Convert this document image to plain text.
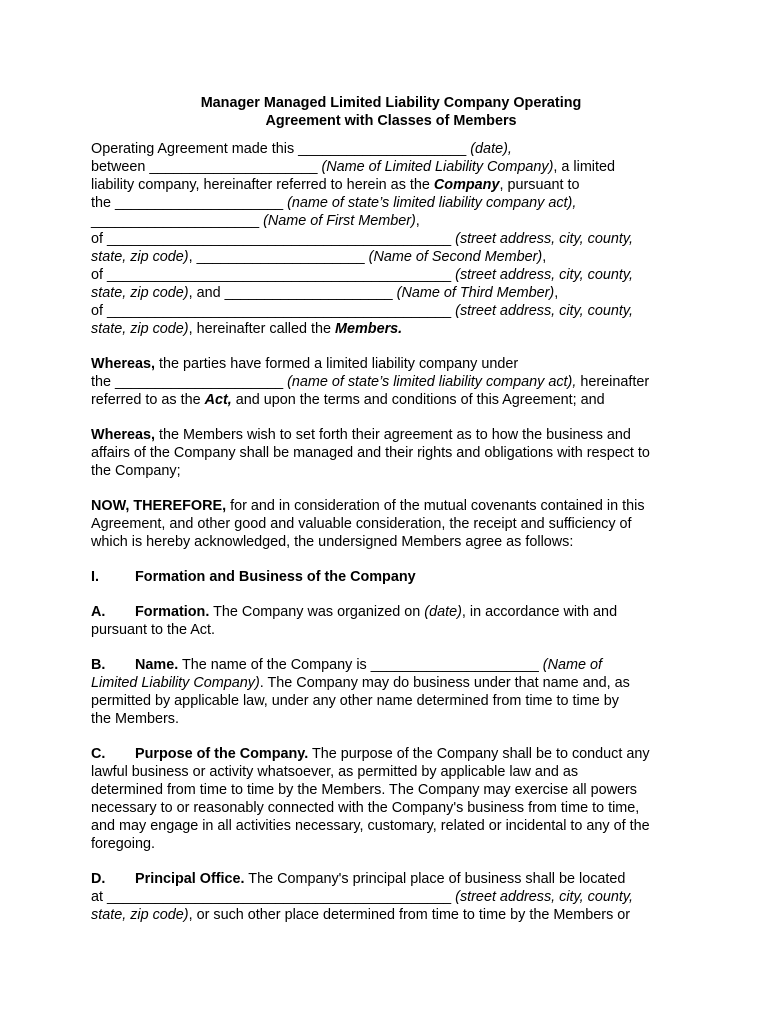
Manager Managed Limited Liability Company Operating
Agreement with Classes of Members

Operating Agreement made this _____________________ (date),
between _____________________ (Name of Limited Liability Company), a limited
liability company, hereinafter referred to herein as the Company, pursuant to
the _____________________ (name of state’s limited liability company act),
_____________________ (Name of First Member),
of ___________________________________________ (street address, city, county,
state, zip code), _____________________ (Name of Second Member),
of ___________________________________________ (street address, city, county,
state, zip code), and _____________________ (Name of Third Member),
of ___________________________________________ (street address, city, county,
state, zip code), hereinafter called the Members.

Whereas, the parties have formed a limited liability company under
the _____________________ (name of state’s limited liability company act), hereinafter
referred to as the Act, and upon the terms and conditions of this Agreement; and

Whereas, the Members wish to set forth their agreement as to how the business and
affairs of the Company shall be managed and their rights and obligations with respect to
the Company;

NOW, THEREFORE, for and in consideration of the mutual covenants contained in this
Agreement, and other good and valuable consideration, the receipt and sufficiency of
which is hereby acknowledged, the undersigned Members agree as follows:

I.	Formation and Business of the Company

A. Formation. The Company was organized on (date), in accordance with and
pursuant to the Act.

B. Name. The name of the Company is _____________________ (Name of
Limited Liability Company). The Company may do business under that name and, as
permitted by applicable law, under any other name determined from time to time by
the Members.

C. Purpose of the Company. The purpose of the Company shall be to conduct any
lawful business or activity whatsoever, as permitted by applicable law and as
determined from time to time by the Members. The Company may exercise all powers
necessary to or reasonably connected with the Company's business from time to time,
and may engage in all activities necessary, customary, related or incidental to any of the
foregoing.

D. Principal Office. The Company's principal place of business shall be located
at ___________________________________________ (street address, city, county,
state, zip code), or such other place determined from time to time by the Members or
